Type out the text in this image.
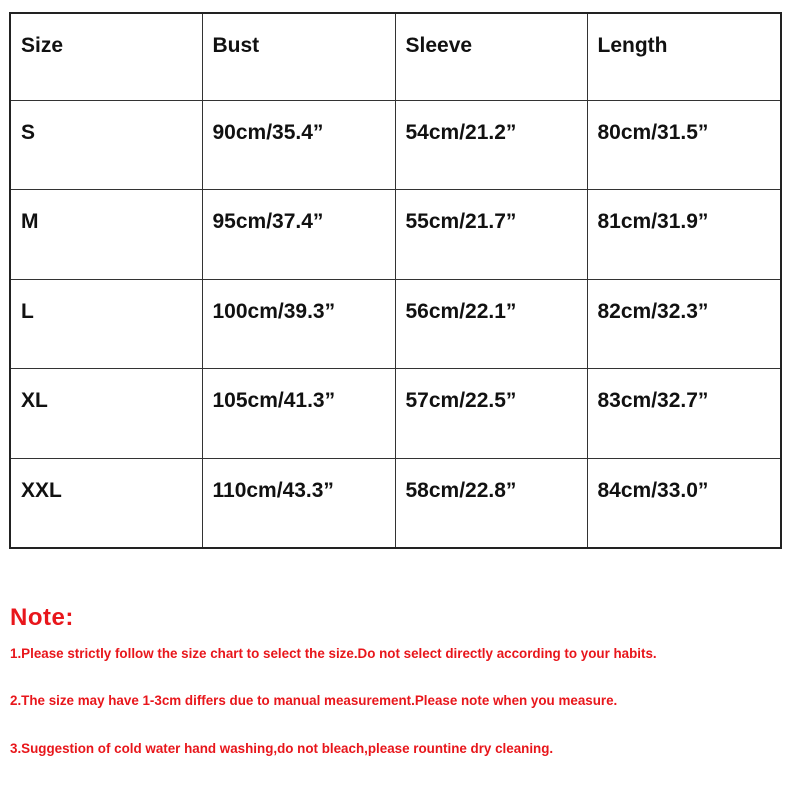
Size	Bust	Sleeve	Length
S	90cm/35.4”	54cm/21.2”	80cm/31.5”
M	95cm/37.4”	55cm/21.7”	81cm/31.9”
L	100cm/39.3”	56cm/22.1”	82cm/32.3”
XL	105cm/41.3”	57cm/22.5”	83cm/32.7”
XXL	110cm/43.3”	58cm/22.8”	84cm/33.0”

Note:

1.Please strictly follow the size chart to select the size.Do not select directly according to your habits.

2.The size may have 1-3cm differs due to manual measurement.Please note when you measure.

3.Suggestion of cold water hand washing,do not bleach,please rountine dry cleaning.
